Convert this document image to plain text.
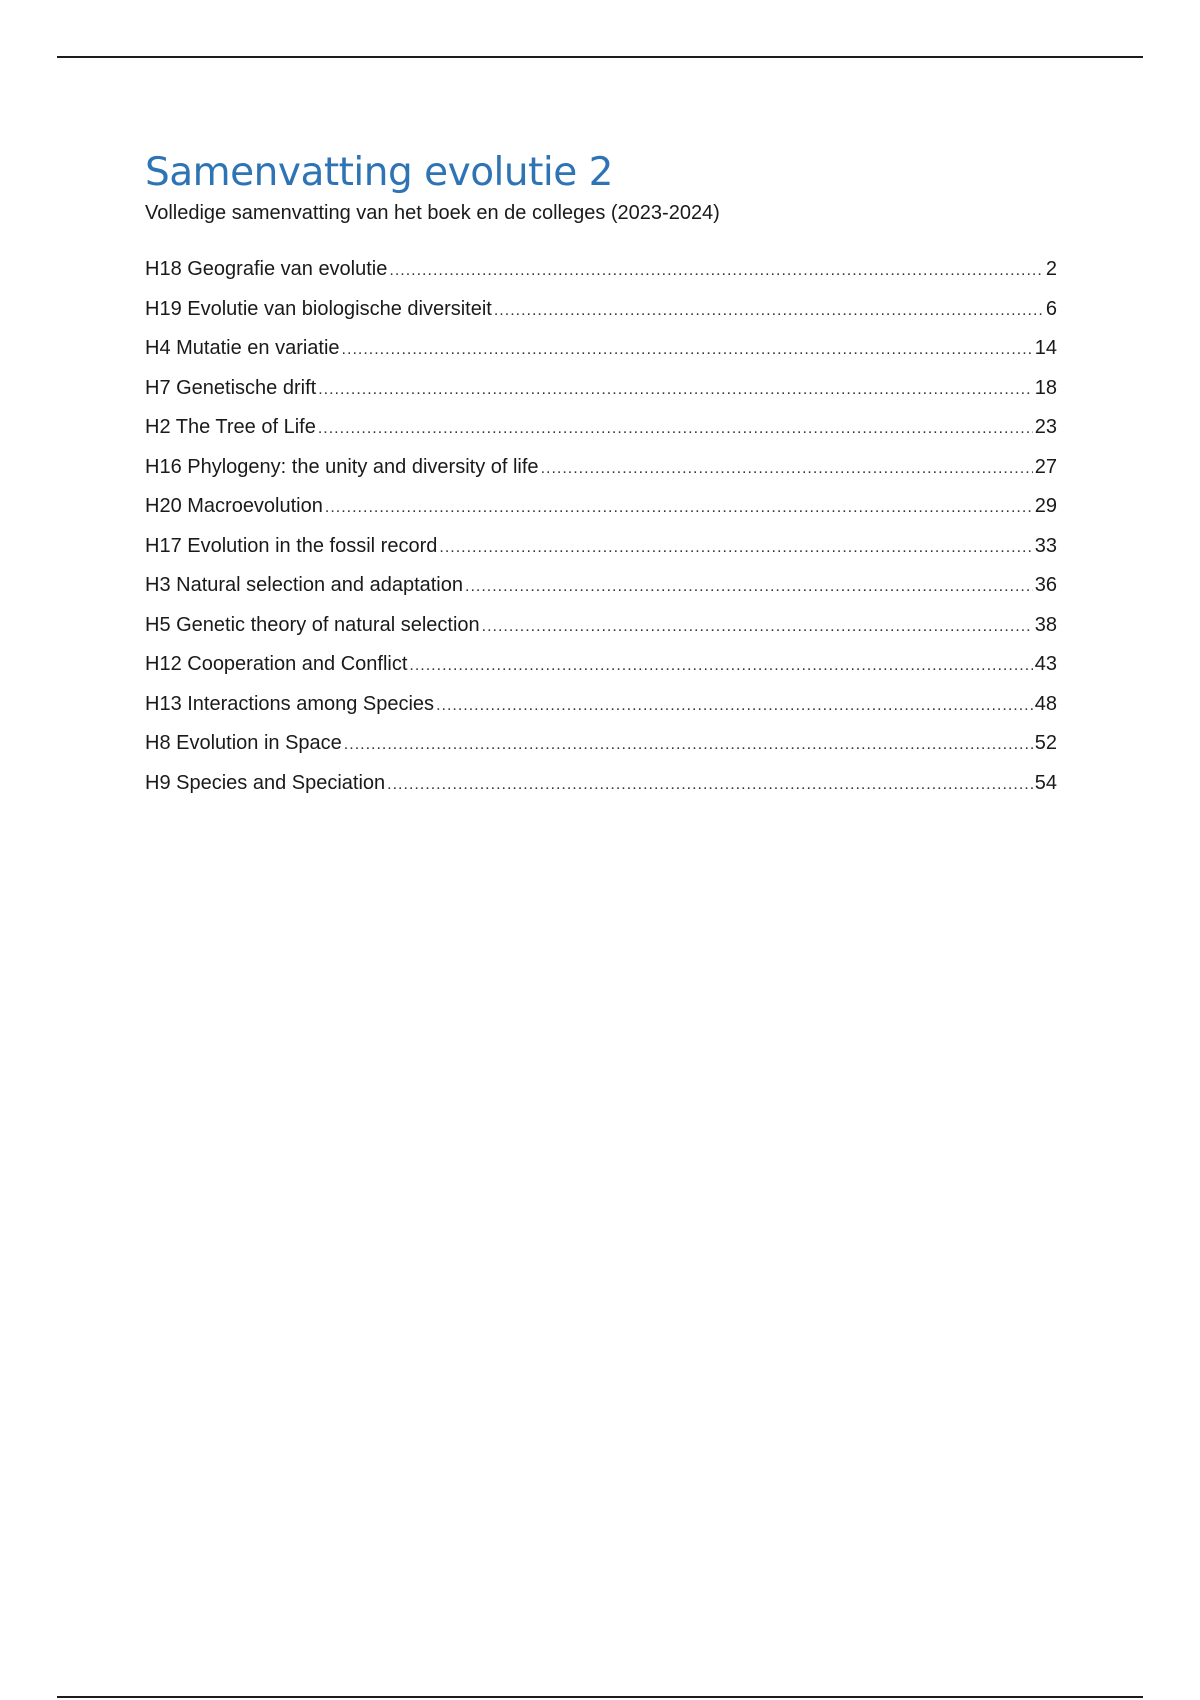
Samenvatting evolutie 2

Volledige samenvatting van het boek en de colleges (2023-2024)

H18 Geografie van evolutie .....	2
H19 Evolutie van biologische diversiteit .....	6
H4 Mutatie en variatie .....	14
H7 Genetische drift .....	18
H2 The Tree of Life .....	23
H16 Phylogeny: the unity and diversity of life .....	27
H20 Macroevolution .....	29
H17 Evolution in the fossil record .....	33
H3 Natural selection and adaptation .....	36
H5 Genetic theory of natural selection .....	38
H12 Cooperation and Conflict .....	43
H13 Interactions among Species .....	48
H8 Evolution in Space .....	52
H9 Species and Speciation .....	54
